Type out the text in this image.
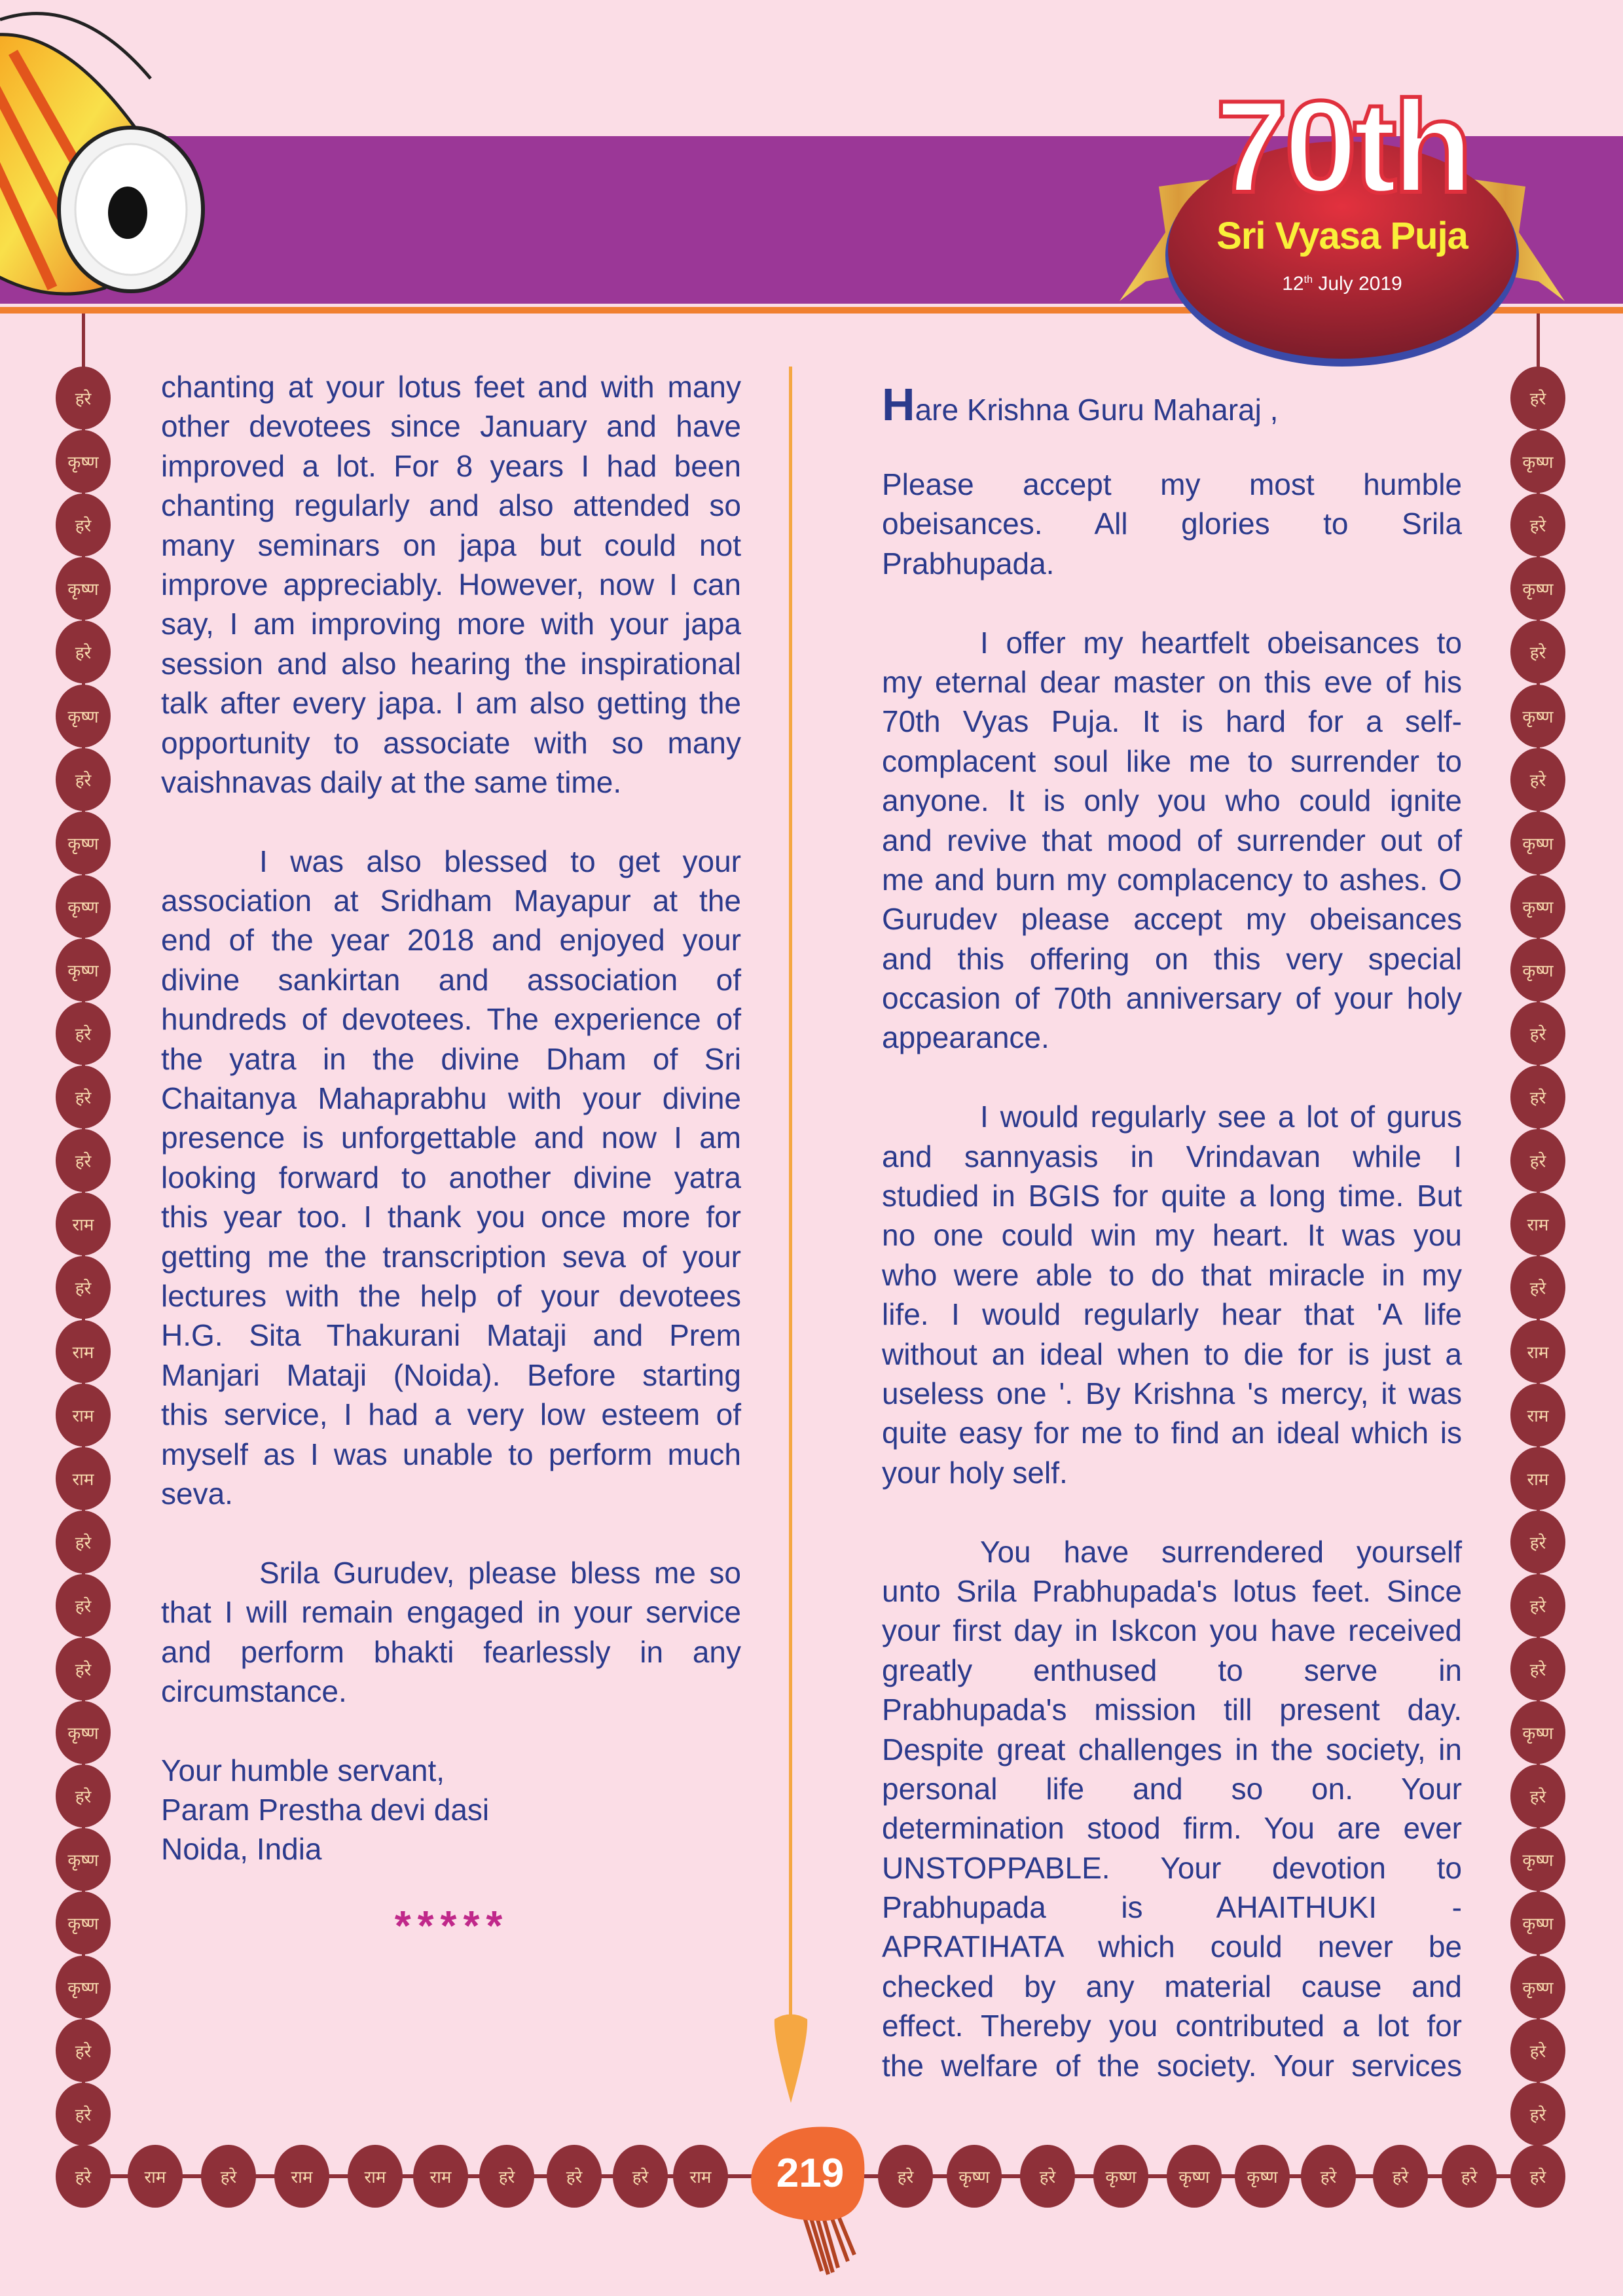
70th
Sri Vyasa Puja
12th July 2019
हरे
कृष्ण
हरे
कृष्ण
हरे
कृष्ण
हरे
कृष्ण
कृष्ण
कृष्ण
हरे
हरे
हरे
राम
हरे
राम
राम
राम
हरे
हरे
हरे
कृष्ण
हरे
कृष्ण
कृष्ण
कृष्ण
हरे
हरे
हरे
कृष्ण
हरे
कृष्ण
हरे
कृष्ण
हरे
कृष्ण
कृष्ण
कृष्ण
हरे
हरे
हरे
राम
हरे
राम
राम
राम
हरे
हरे
हरे
कृष्ण
हरे
कृष्ण
कृष्ण
कृष्ण
हरे
हरे
हरे	राम	हरे	राम	राम	राम	हरे	हरे	हरे राम	हरे	कृष्ण	हरे	कृष्ण कृष्ण कृष्ण	हरे	हरे	हरे	हरे
Hare Krishna Guru Maharaj ,
chanting at your lotus feet and with many
other devotees since January and have
improved a lot. For 8 years I had been
chanting regularly and also attended so
many seminars on japa but could not
improve appreciably. However, now I can
say, I am improving more with your japa
session and also hearing the inspirational
talk after every japa. I am also getting the
opportunity to associate with so many
vaishnavas daily at the same time.

I was also blessed to get your
association at Sridham Mayapur at the
end of the year 2018 and enjoyed your
divine sankirtan and association of
hundreds of devotees. The experience of
the yatra in the divine Dham of Sri
Chaitanya Mahaprabhu with your divine
presence is unforgettable and now I am
looking forward to another divine yatra
this year too. I thank you once more for
getting me the transcription seva of your
lectures with the help of your devotees
H.G. Sita Thakurani Mataji and Prem
Manjari Mataji (Noida). Before starting
this service, I had a very low esteem of
myself as I was unable to perform much
seva.

Srila Gurudev, please bless me so
that I will remain engaged in your service
and perform bhakti fearlessly in any
circumstance.

Your humble servant,
Param Prestha devi dasi
Noida, India
Please accept my most humble
obeisances. All glories to Srila
Prabhupada.

I offer my heartfelt obeisances to
my eternal dear master on this eve of his
70th Vyas Puja. It is hard for a self-
complacent soul like me to surrender to
anyone. It is only you who could ignite
and revive that mood of surrender out of
me and burn my complacency to ashes. O
Gurudev please accept my obeisances
and this offering on this very special
occasion of 70th anniversary of your holy
appearance.

I would regularly see a lot of gurus
and sannyasis in Vrindavan while I
studied in BGIS for quite a long time. But
no one could win my heart. It was you
who were able to do that miracle in my
life. I would regularly hear that 'A life
without an ideal when to die for is just a
useless one '. By Krishna 's mercy, it was
quite easy for me to find an ideal which is
your holy self.

You have surrendered yourself
unto Srila Prabhupada's lotus feet. Since
your first day in Iskcon you have received
greatly enthused to serve in
Prabhupada's mission till present day.
Despite great challenges in the society, in
personal life and so on. Your
determination stood firm. You are ever
UNSTOPPABLE. Your devotion to
Prabhupada is AHAITHUKI -
APRATIHATA which could never be
checked by any material cause and
effect. Thereby you contributed a lot for
the welfare of the society. Your services
*****
219
